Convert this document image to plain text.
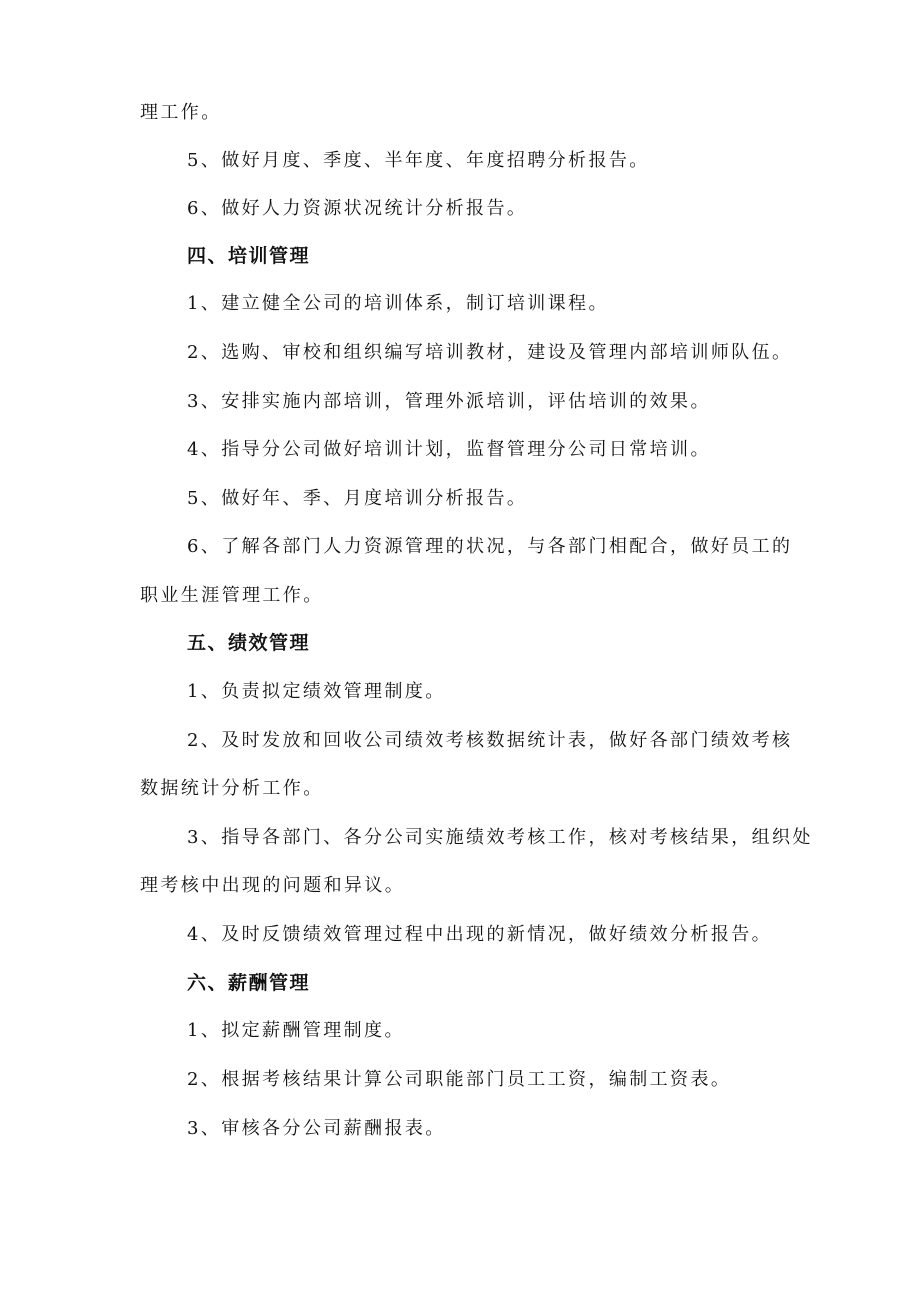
理工作。
5、做好月度、季度、半年度、年度招聘分析报告。
6、做好人力资源状况统计分析报告。
四、培训管理
1、建立健全公司的培训体系，制订培训课程。
2、选购、审校和组织编写培训教材，建设及管理内部培训师队伍。
3、安排实施内部培训，管理外派培训，评估培训的效果。
4、指导分公司做好培训计划，监督管理分公司日常培训。
5、做好年、季、月度培训分析报告。
6、了解各部门人力资源管理的状况，与各部门相配合，做好员工的
职业生涯管理工作。
五、绩效管理
1、负责拟定绩效管理制度。
2、及时发放和回收公司绩效考核数据统计表，做好各部门绩效考核
数据统计分析工作。
3、指导各部门、各分公司实施绩效考核工作，核对考核结果，组织处
理考核中出现的问题和异议。
4、及时反馈绩效管理过程中出现的新情况，做好绩效分析报告。
六、薪酬管理
1、拟定薪酬管理制度。
2、根据考核结果计算公司职能部门员工工资，编制工资表。
3、审核各分公司薪酬报表。
